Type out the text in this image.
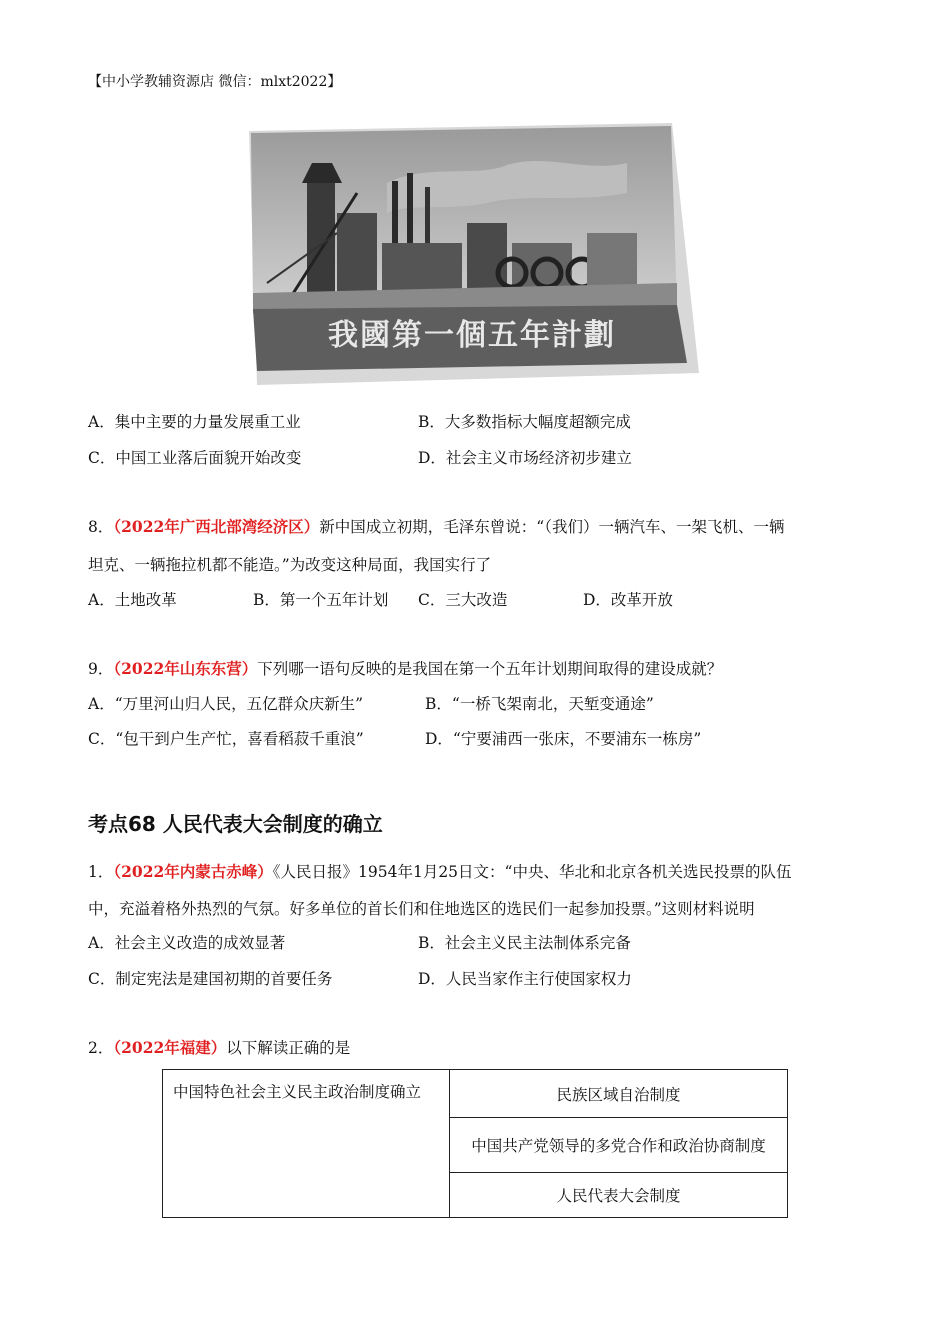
【中小学教辅资源店 微信：mlxt2022】
我國第一個五年計劃
A．集中主要的力量发展重工业	B．大多数指标大幅度超额完成
C．中国工业落后面貌开始改变	D．社会主义市场经济初步建立
8．（2022年广西北部湾经济区）新中国成立初期，毛泽东曾说：“（我们）一辆汽车、一架飞机、一辆
坦克、一辆拖拉机都不能造。”为改变这种局面，我国实行了
A．土地改革	B．第一个五年计划 C．三大改造	D．改革开放
9．（2022年山东东营）下列哪一语句反映的是我国在第一个五年计划期间取得的建设成就？
A．“万里河山归人民，五亿群众庆新生”	B．“一桥飞架南北，天堑变通途”
C．“包干到户生产忙，喜看稻菽千重浪”	D．“宁要浦西一张床，不要浦东一栋房”
考点68 人民代表大会制度的确立
1．（2022年内蒙古赤峰）《人民日报》1954年1月25日文：“中央、华北和北京各机关选民投票的队伍
中，充溢着格外热烈的气氛。好多单位的首长们和住地选区的选民们一起参加投票。”这则材料说明
A．社会主义改造的成效显著	B．社会主义民主法制体系完备
C．制定宪法是建国初期的首要任务	D．人民当家作主行使国家权力
2．（2022年福建）以下解读正确的是
中国特色社会主义民主政治制度确立	民族区域自治制度
中国共产党领导的多党合作和政治协商制度
人民代表大会制度
